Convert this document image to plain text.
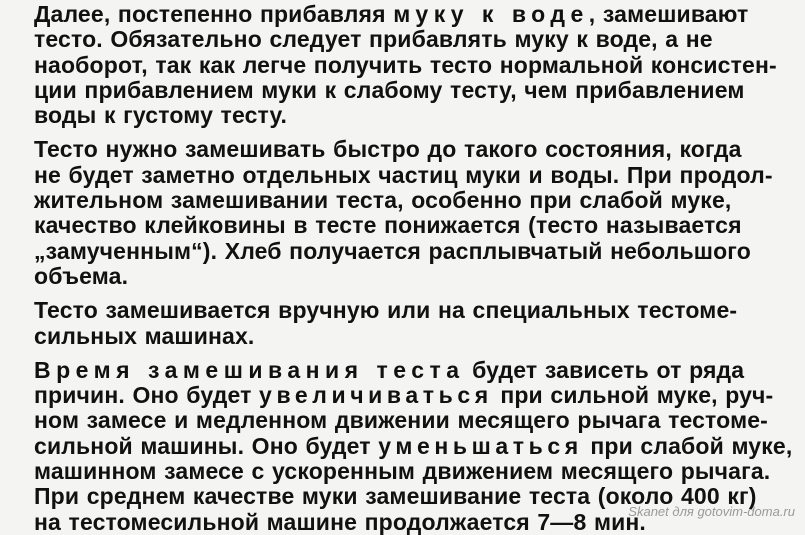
Далее, постепенно прибавляя муку к воде, замешивают
тесто. Обязательно следует прибавлять муку к воде, а не
наоборот, так как легче получить тесто нормальной консистен-
ции прибавлением муки к слабому тесту, чем прибавлением
воды к густому тесту.
Тесто нужно замешивать быстро до такого состояния, когда
не будет заметно отдельных частиц муки и воды. При продол-
жительном замешивании теста, особенно при слабой муке,
качество клейковины в тесте понижается (тесто называется
„замученным“). Хлеб получается расплывчатый небольшого
объема.
Тесто замешивается вручную или на специальных тестоме-
сильных машинах.
Время замешивания теста будет зависеть от ряда
причин. Оно будет увеличиваться при сильной муке, руч-
ном замесе и медленном движении месящего рычага тестоме-
сильной машины. Оно будет уменьшаться при слабой муке,
машинном замесе с ускоренным движением месящего рычага.
При среднем качестве муки замешивание теста (около 400 кг)
на тестомесильной машине продолжается 7—8 мин.
Skanet для gotovim-doma.ru
